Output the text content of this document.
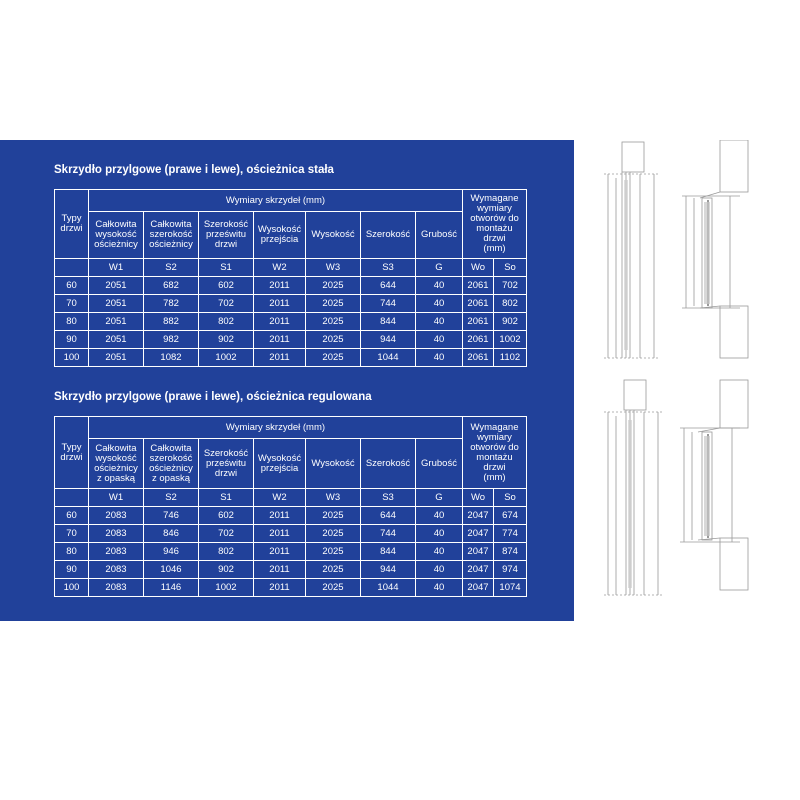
Skrzydło przylgowe (prawe i lewe), ościeżnica stała
Typy
drzwi	Wymiary skrzydeł (mm)							Wymagane
wymiary
otworów do
montażu drzwi
(mm)	
	Całkowita
wysokość
ościeżnicy	Całkowita
szerokość
ościeżnicy	Szerokość
prześwitu
drzwi	Wysokość
przejścia	Wysokość	Szerokość	Grubość		
	W1	S2	S1	W2	W3	S3	G	Wo	So
60	2051	682	602	2011	2025	644	40	2061	702
70	2051	782	702	2011	2025	744	40	2061	802
80	2051	882	802	2011	2025	844	40	2061	902
90	2051	982	902	2011	2025	944	40	2061	1002
100	2051	1082	1002	2011	2025	1044	40	2061	1102
Skrzydło przylgowe (prawe i lewe), ościeżnica regulowana
Typy
drzwi	Wymiary skrzydeł (mm)							Wymagane
wymiary
otworów do
montażu drzwi
(mm)	
	Całkowita
wysokość
ościeżnicy
z opaską	Całkowita
szerokość
ościeżnicy
z opaską	Szerokość
prześwitu
drzwi	Wysokość
przejścia	Wysokość	Szerokość	Grubość		
	W1	S2	S1	W2	W3	S3	G	Wo	So
60	2083	746	602	2011	2025	644	40	2047	674
70	2083	846	702	2011	2025	744	40	2047	774
80	2083	946	802	2011	2025	844	40	2047	874
90	2083	1046	902	2011	2025	944	40	2047	974
100	2083	1146	1002	2011	2025	1044	40	2047	1074
